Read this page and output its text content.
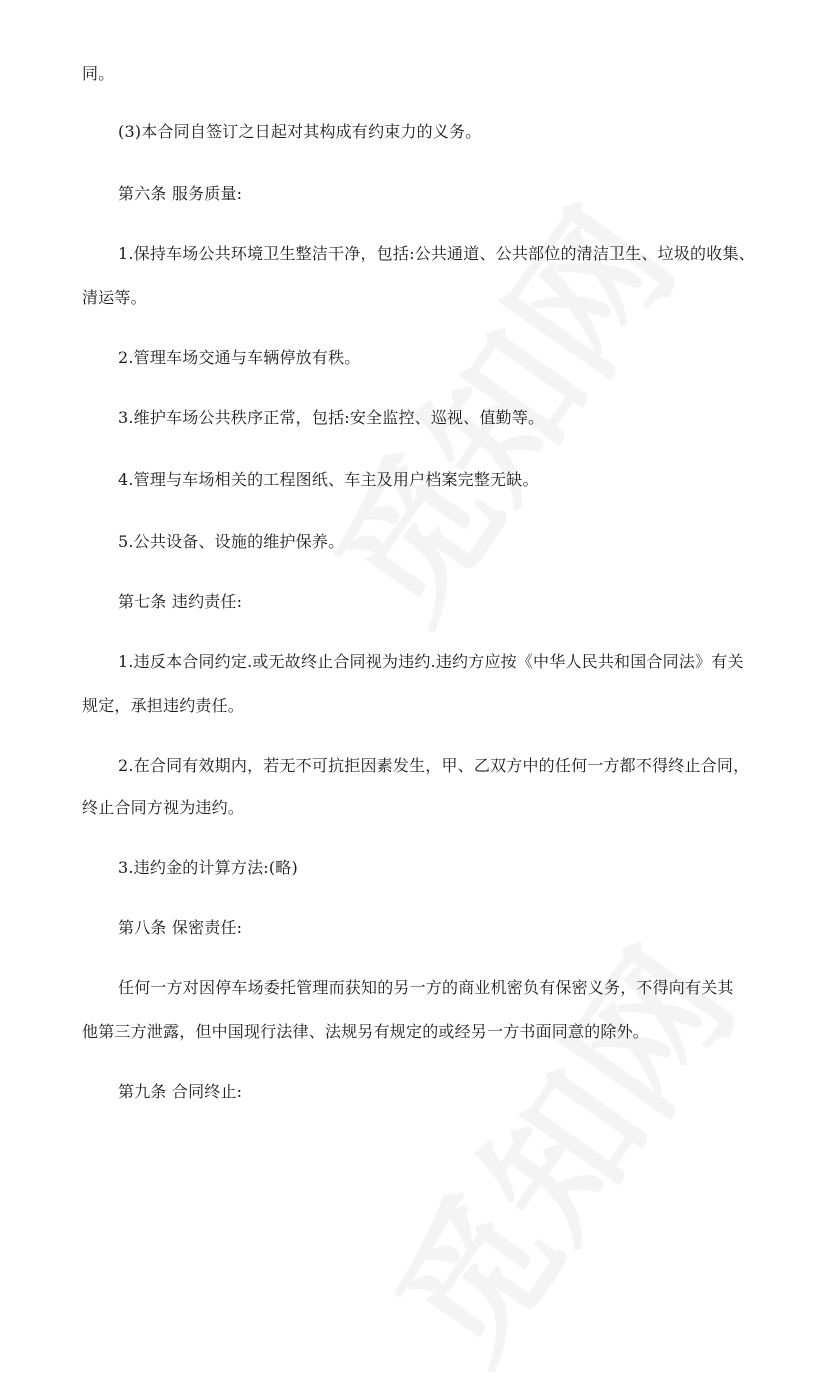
同。
(3)本合同自签订之日起对其构成有约束力的义务。
第六条 服务质量:
1.保持车场公共环境卫生整洁干净，包括:公共通道、公共部位的清洁卫生、垃圾的收集、
清运等。
2.管理车场交通与车辆停放有秩。
3.维护车场公共秩序正常，包括:安全监控、巡视、值勤等。
4.管理与车场相关的工程图纸、车主及用户档案完整无缺。
5.公共设备、设施的维护保养。
第七条 违约责任:
1.违反本合同约定.或无故终止合同视为违约.违约方应按《中华人民共和国合同法》有关
规定，承担违约责任。
2.在合同有效期内，若无不可抗拒因素发生，甲、乙双方中的任何一方都不得终止合同，
终止合同方视为违约。
3.违约金的计算方法:(略)
第八条 保密责任:
任何一方对因停车场委托管理而获知的另一方的商业机密负有保密义务，不得向有关其
他第三方泄露，但中国现行法律、法规另有规定的或经另一方书面同意的除外。
第九条 合同终止:
